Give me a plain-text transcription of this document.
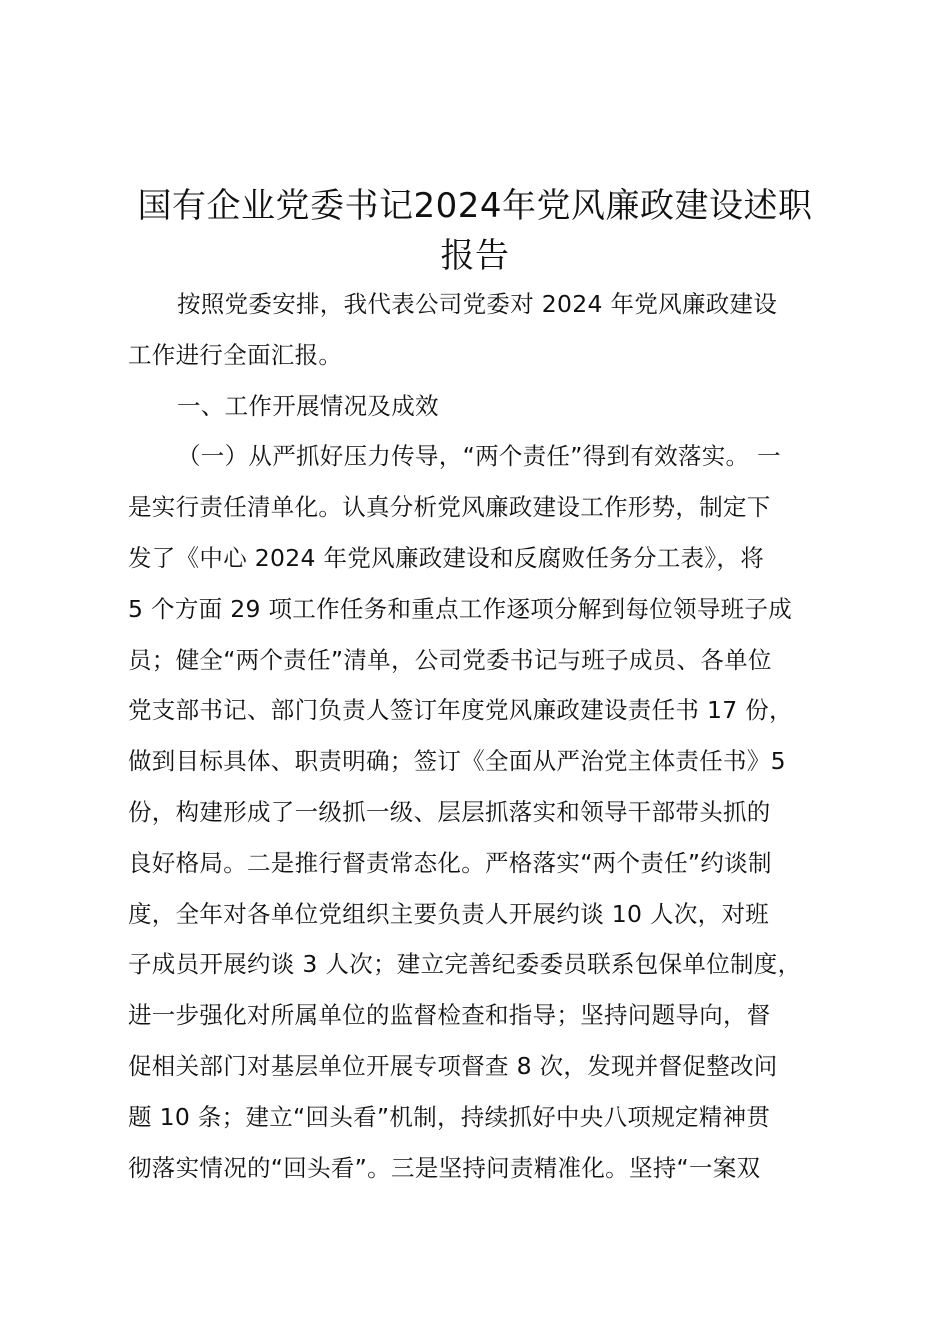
国有企业党委书记2024年党风廉政建设述职
报告
按照党委安排，我代表公司党委对 2024 年党风廉政建设
工作进行全面汇报。
一、工作开展情况及成效
（一）从严抓好压力传导，“两个责任”得到有效落实。 一
是实行责任清单化。认真分析党风廉政建设工作形势，制定下
发了《中心 2024 年党风廉政建设和反腐败任务分工表》，将
5 个方面 29 项工作任务和重点工作逐项分解到每位领导班子成
员；健全“两个责任”清单，公司党委书记与班子成员、各单位
党支部书记、部门负责人签订年度党风廉政建设责任书 17 份，
做到目标具体、职责明确；签订《全面从严治党主体责任书》5
份，构建形成了一级抓一级、层层抓落实和领导干部带头抓的
良好格局。二是推行督责常态化。严格落实“两个责任”约谈制
度，全年对各单位党组织主要负责人开展约谈 10 人次，对班
子成员开展约谈 3 人次；建立完善纪委委员联系包保单位制度，
进一步强化对所属单位的监督检查和指导；坚持问题导向，督
促相关部门对基层单位开展专项督查 8 次，发现并督促整改问
题 10 条；建立“回头看”机制，持续抓好中央八项规定精神贯
彻落实情况的“回头看”。三是坚持问责精准化。坚持“一案双
